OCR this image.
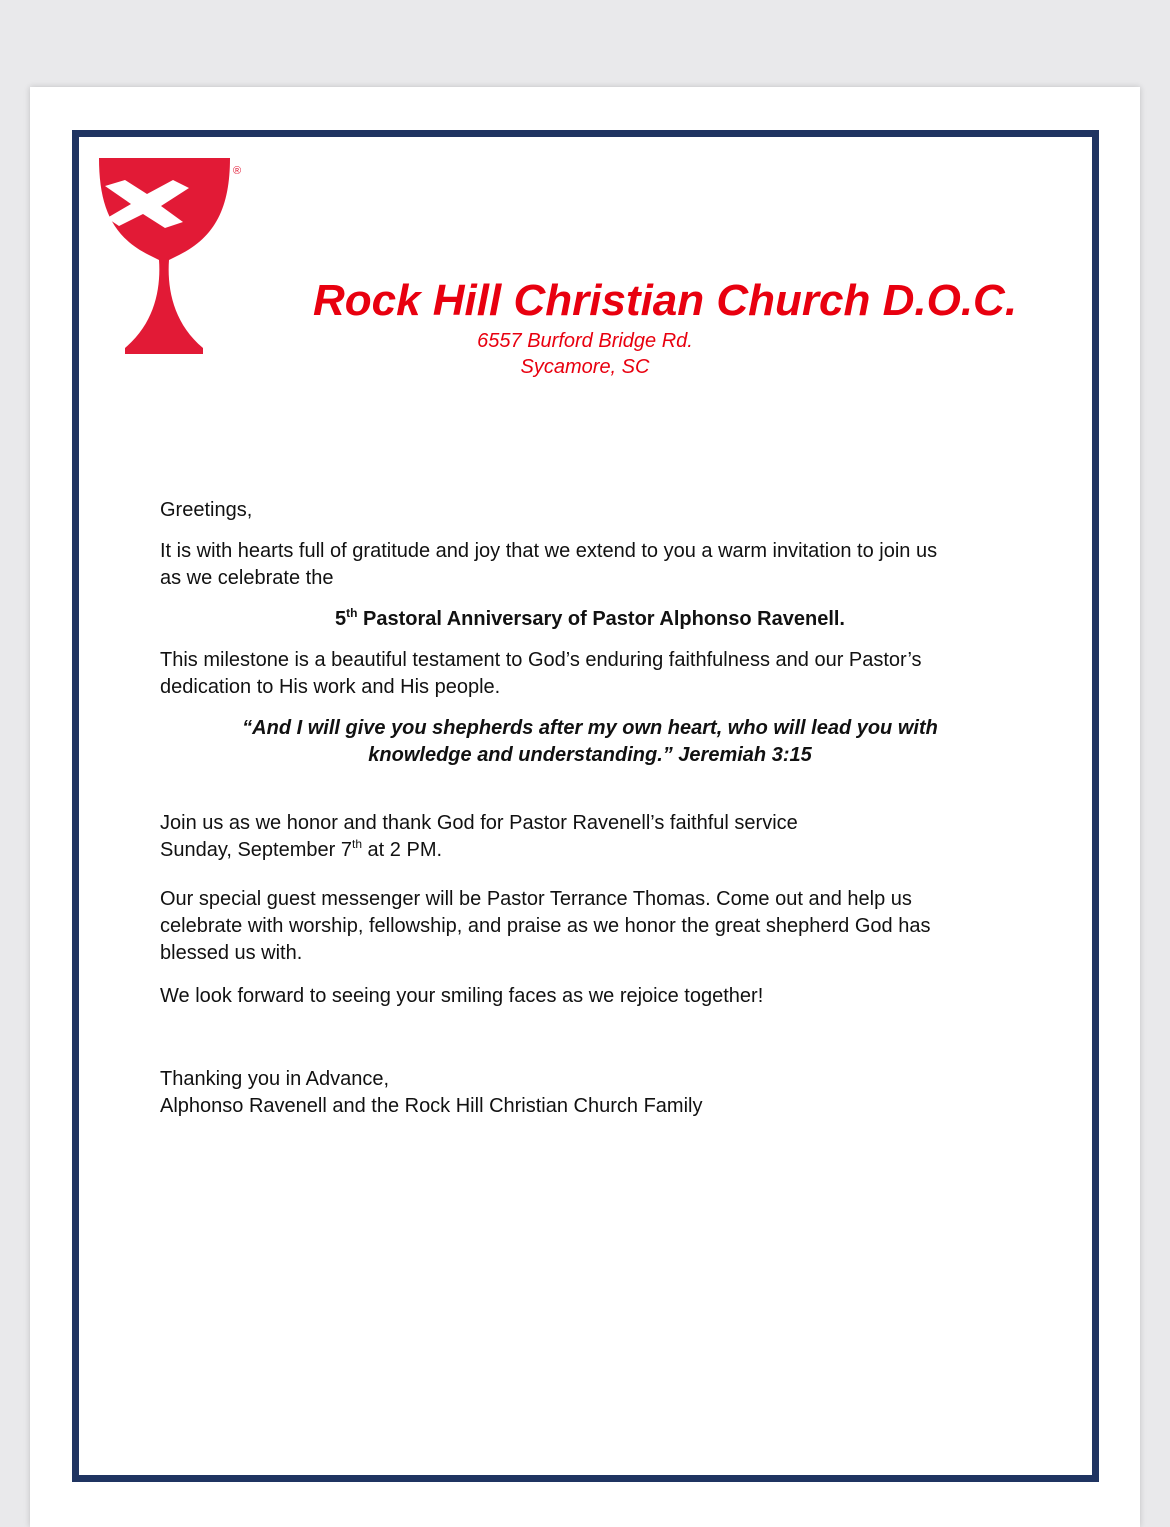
®
Rock Hill Christian Church D.O.C.
6557 Burford Bridge Rd.
Sycamore, SC

Greetings,

It is with hearts full of gratitude and joy that we extend to you a warm invitation to join us
as we celebrate the

5th Pastoral Anniversary of Pastor Alphonso Ravenell.

This milestone is a beautiful testament to God’s enduring faithfulness and our Pastor’s
dedication to His work and His people.

“And I will give you shepherds after my own heart, who will lead you with
knowledge and understanding.” Jeremiah 3:15

Join us as we honor and thank God for Pastor Ravenell’s faithful service
Sunday, September 7th at 2 PM.

Our special guest messenger will be Pastor Terrance Thomas. Come out and help us
celebrate with worship, fellowship, and praise as we honor the great shepherd God has
blessed us with.

We look forward to seeing your smiling faces as we rejoice together!

Thanking you in Advance,
Alphonso Ravenell and the Rock Hill Christian Church Family
